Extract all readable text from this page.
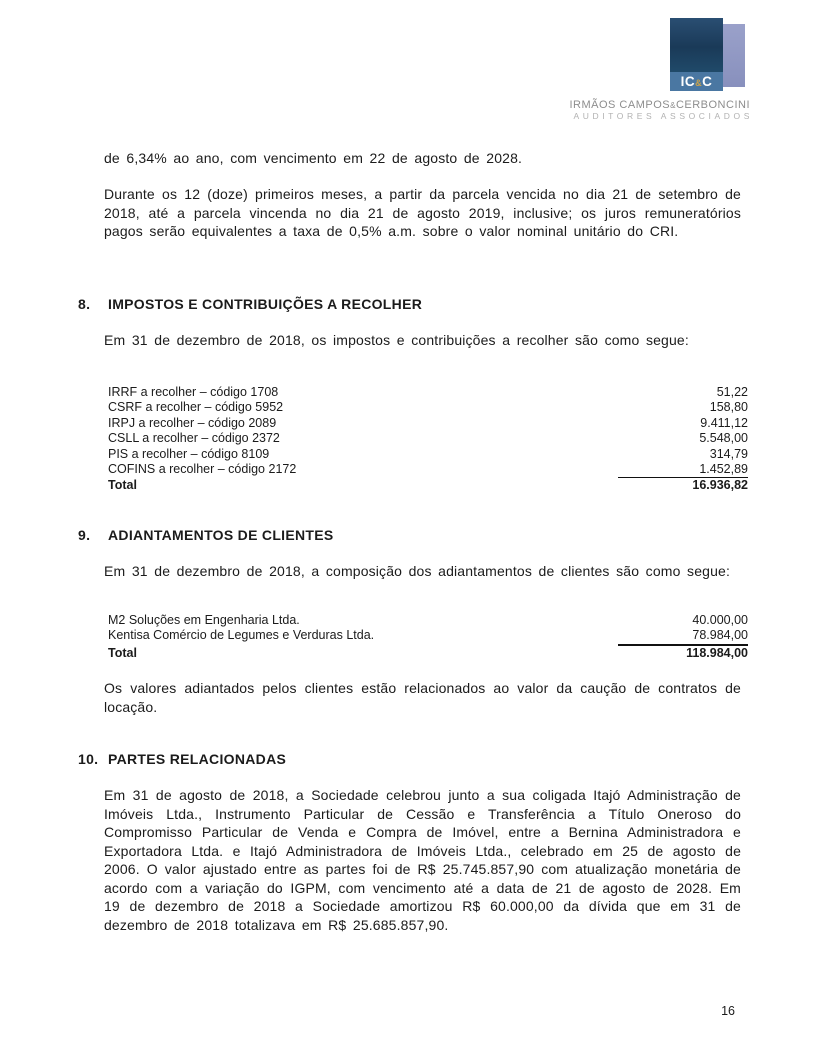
IC&C
IRMÃOS CAMPOS&CERBONCINI
AUDITORES ASSOCIADOS

de 6,34% ao ano, com vencimento em 22 de agosto de 2028.

Durante os 12 (doze) primeiros meses, a partir da parcela vencida no dia 21 de setembro de 2018, até a parcela vincenda no dia 21 de agosto 2019, inclusive; os juros remuneratórios pagos serão equivalentes a taxa de 0,5% a.m. sobre o valor nominal unitário do CRI.

8.	IMPOSTOS E CONTRIBUIÇÕES A RECOLHER

Em 31 de dezembro de 2018, os impostos e contribuições a recolher são como segue:

IRRF a recolher – código 1708	51,22
CSRF a recolher – código 5952	158,80
IRPJ a recolher – código 2089	9.411,12
CSLL a recolher – código 2372	5.548,00
PIS a recolher – código 8109	314,79
COFINS a recolher – código 2172	1.452,89
Total	16.936,82
9.	ADIANTAMENTOS DE CLIENTES

Em 31 de dezembro de 2018, a composição dos adiantamentos de clientes são como segue:

M2 Soluções em Engenharia Ltda.	40.000,00
Kentisa Comércio de Legumes e Verduras Ltda.	78.984,00
Total	118.984,00

Os valores adiantados pelos clientes estão relacionados ao valor da caução de contratos de locação.

10. PARTES RELACIONADAS

Em 31 de agosto de 2018, a Sociedade celebrou junto a sua coligada Itajó Administração de Imóveis Ltda., Instrumento Particular de Cessão e Transferência a Título Oneroso do Compromisso Particular de Venda e Compra de Imóvel, entre a Bernina Administradora e Exportadora Ltda. e Itajó Administradora de Imóveis Ltda., celebrado em 25 de agosto de 2006. O valor ajustado entre as partes foi de R$ 25.745.857,90 com atualização monetária de acordo com a variação do IGPM, com vencimento até a data de 21 de agosto de 2028. Em 19 de dezembro de 2018 a Sociedade amortizou R$ 60.000,00 da dívida que em 31 de dezembro de 2018 totalizava em R$ 25.685.857,90.

16
